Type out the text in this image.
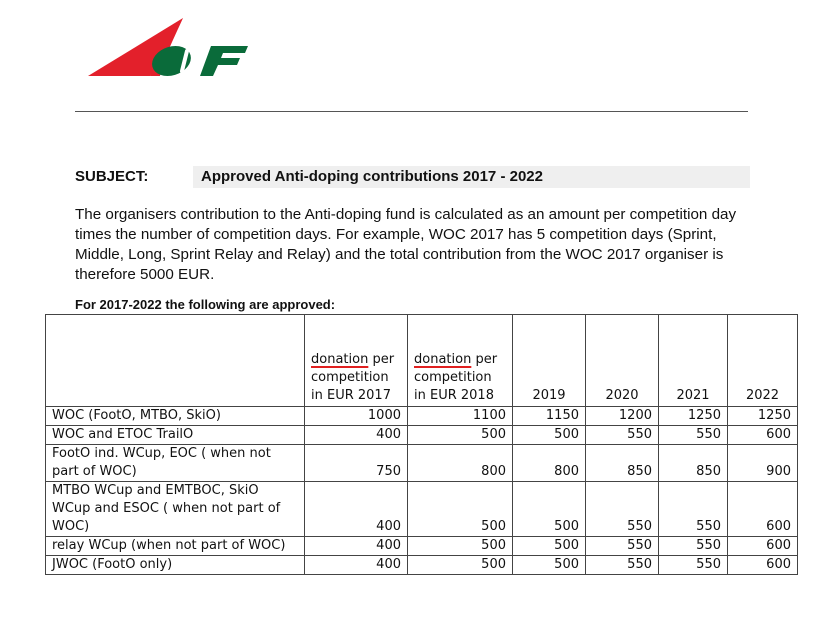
SUBJECT:	Approved Anti-doping contributions 2017 - 2022

The organisers contribution to the Anti-doping fund is calculated as an amount per competition day times the number of competition days. For example, WOC 2017 has 5 competition days (Sprint, Middle, Long, Sprint Relay and Relay) and the total contribution from the WOC 2017 organiser is therefore 5000 EUR.

For 2017-2022 the following are approved:
	donation per
competition
in EUR 2017	donation per
competition
in EUR 2018	2019	2020	2021	2022
WOC (FootO, MTBO, SkiO)	1000	1100	1150	1200	1250	1250
WOC and ETOC TrailO	400	500	500	550	550	600
FootO ind. WCup, EOC ( when not part of WOC)	750	800	800	850	850	900
MTBO WCup and EMTBOC, SkiO WCup and ESOC ( when not part of WOC)	400	500	500	550	550	600
relay WCup (when not part of WOC)	400	500	500	550	550	600
JWOC (FootO only)	400	500	500	550	550	600
